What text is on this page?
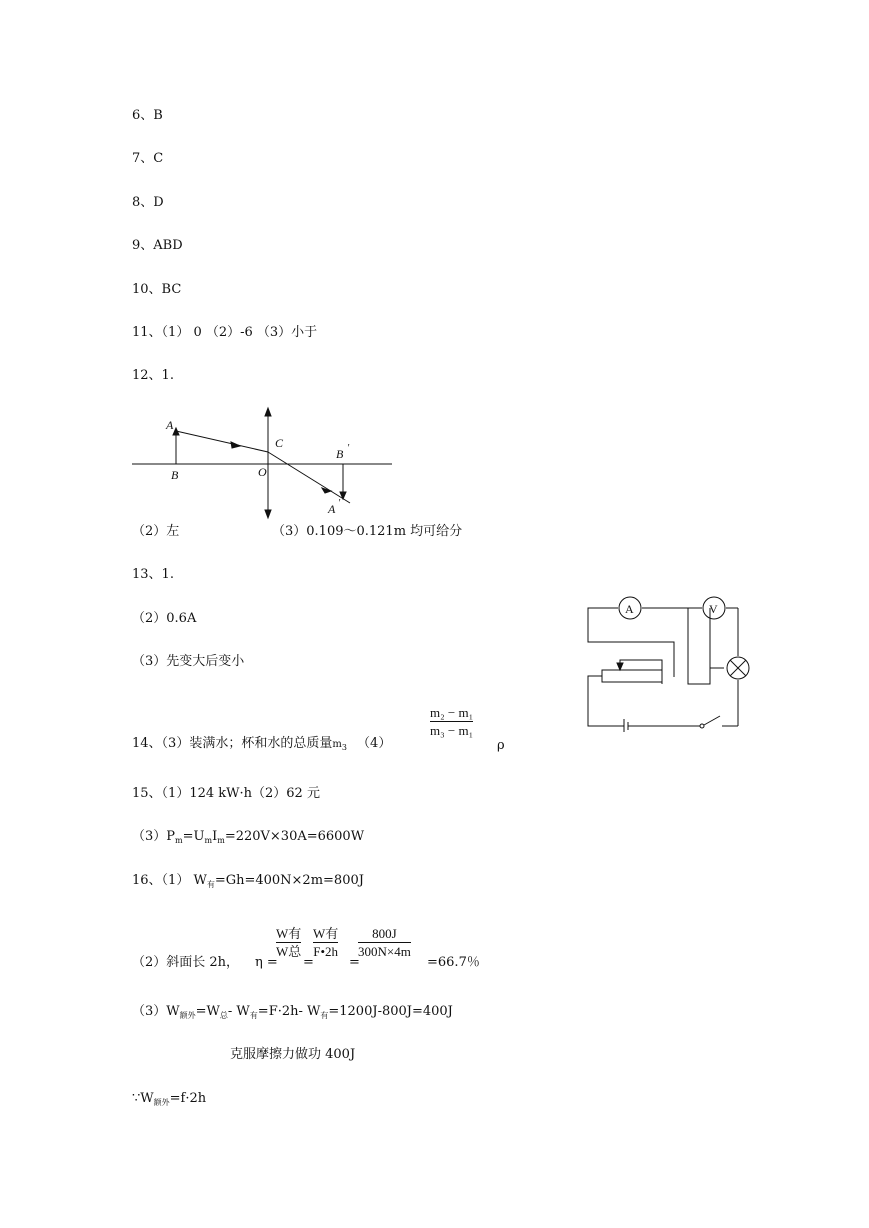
6、B
7、C
8、D
9、ABD
10、BC
11、（1） 0 （2）-6 （3）小于
12、1.
A
B
C
O
B ′
A ′
（2）左	（3）0.109～0.121m 均可给分
13、1.
（2）0.6A
（3）先变大后变小
A	V
14、（3）装满水；杯和水的总质量$m_3$ （4）
m₂ − m₁
m₃ − m₁
ρ
15、（1）124 kW·h（2）62 元
$(3)P_m=U_mI_m=220V\times 30A=6600W$
16、（1） $W_有=Gh=400N\times 2m=800J$
（2）斜面长 2h， η =
W有
W总
=
W有
F•2h
=
800J
300N×4m
=66.7％
$(3)W_{额外}=W_总-$ $W_有=F\cdot 2h-$ $W_有=1200J-800J=400J$
克服摩擦力做功 400J
$\because W_{额外}=f\cdot 2h$
